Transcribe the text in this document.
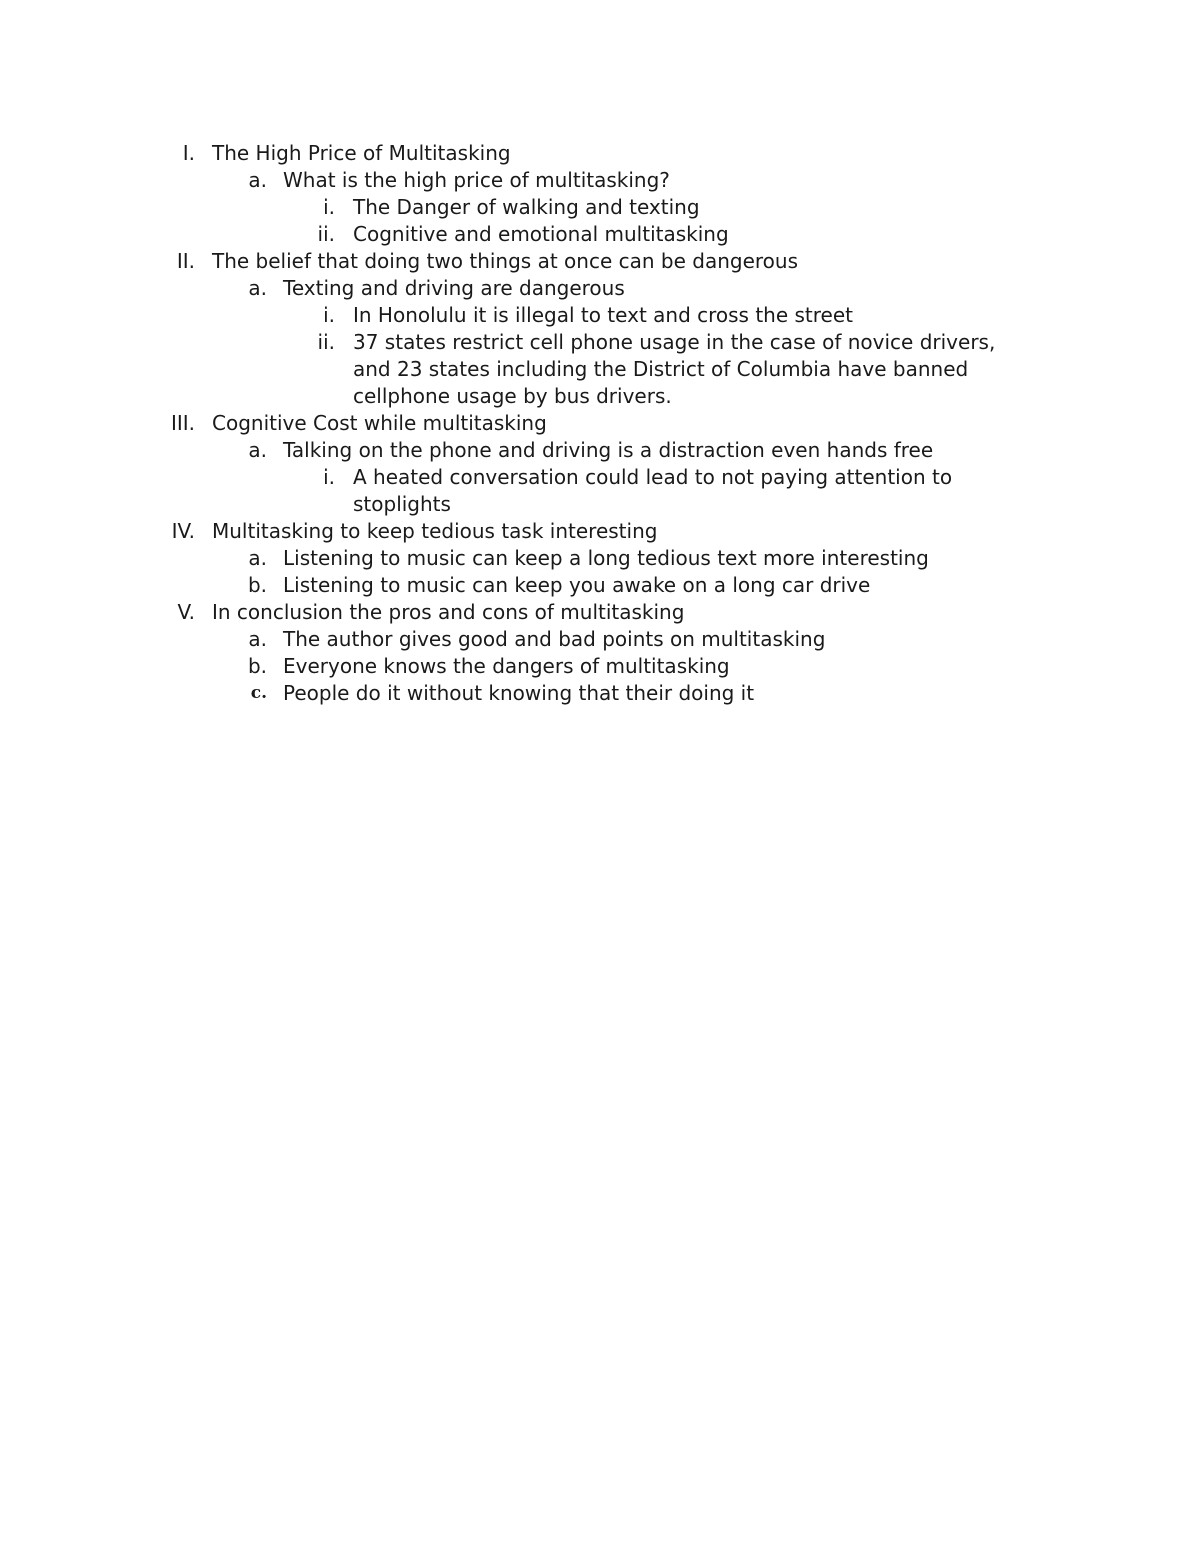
I. The High Price of Multitasking
a. What is the high price of multitasking?
i. The Danger of walking and texting
ii. Cognitive and emotional multitasking
II. The belief that doing two things at once can be dangerous
a. Texting and driving are dangerous
i. In Honolulu it is illegal to text and cross the street
ii. 37 states restrict cell phone usage in the case of novice drivers,
and 23 states including the District of Columbia have banned
cellphone usage by bus drivers.
III. Cognitive Cost while multitasking
a. Talking on the phone and driving is a distraction even hands free
i. A heated conversation could lead to not paying attention to
stoplights
IV. Multitasking to keep tedious task interesting
a. Listening to music can keep a long tedious text more interesting
b. Listening to music can keep you awake on a long car drive
V. In conclusion the pros and cons of multitasking
a. The author gives good and bad points on multitasking
b. Everyone knows the dangers of multitasking
c. People do it without knowing that their doing it
